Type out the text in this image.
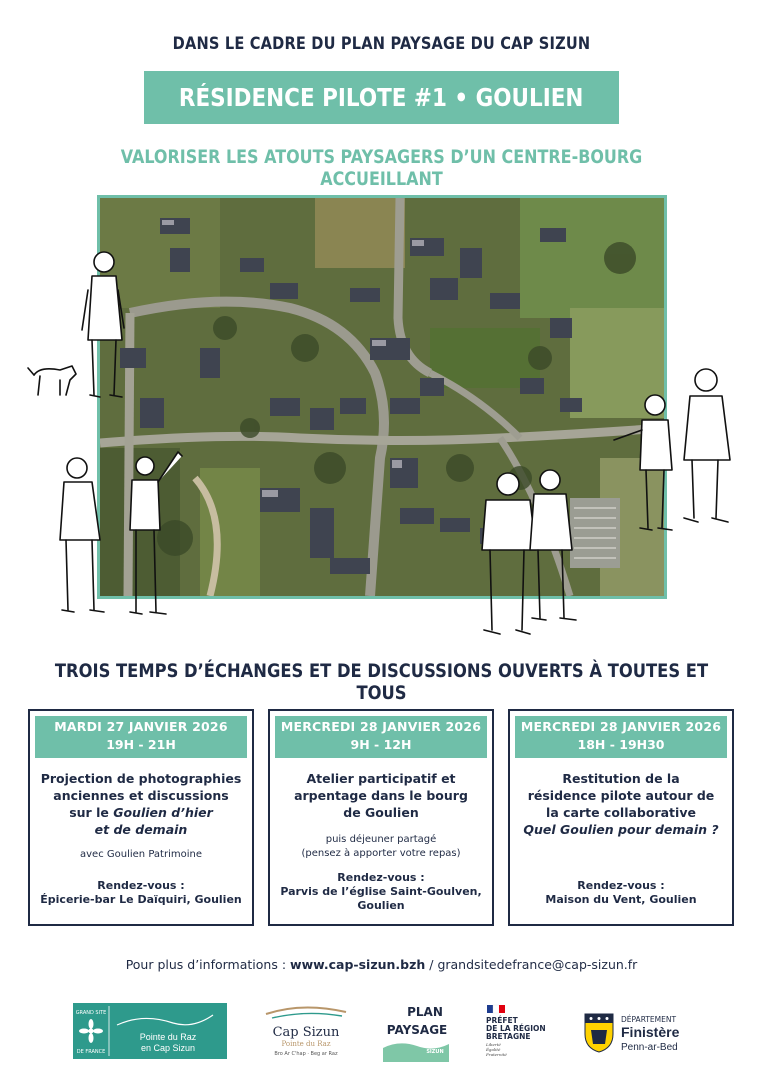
DANS LE CADRE DU PLAN PAYSAGE DU CAP SIZUN
RÉSIDENCE PILOTE #1 • GOULIEN
VALORISER LES ATOUTS PAYSAGERS D’UN CENTRE-BOURG ACCUEILLANT
TROIS TEMPS D’ÉCHANGES ET DE DISCUSSIONS OUVERTS À TOUTES ET TOUS
MARDI 27 JANVIER 2026
19H - 21H
Projection de photographies
anciennes et discussions
sur le Goulien d’hier
et de demain
avec Goulien Patrimoine
Rendez-vous :
Épicerie-bar Le Daïquiri, Goulien
MERCREDI 28 JANVIER 2026
9H - 12H
Atelier participatif et
arpentage dans le bourg
de Goulien
puis déjeuner partagé
(pensez à apporter votre repas)
Rendez-vous :
Parvis de l’église Saint-Goulven,
Goulien
MERCREDI 28 JANVIER 2026
18H - 19H30
Restitution de la
résidence pilote autour de
la carte collaborative
Quel Goulien pour demain ?
Rendez-vous :
Maison du Vent, Goulien
Pour plus d’informations : www.cap-sizun.bzh / grandsitedefrance@cap-sizun.fr
GRAND SITE
DE FRANCE
Pointe du Raz
en Cap Sizun
Cap Sizun
Pointe du Raz
Bro Ar C'hap · Beg ar Raz
PLAN
PAYSAGE
DU CAP
SIZUN
PRÉFET
DE LA RÉGION
BRETAGNE
Liberté
Égalité
Fraternité
DÉPARTEMENT
Finistère
Penn-ar-Bed
